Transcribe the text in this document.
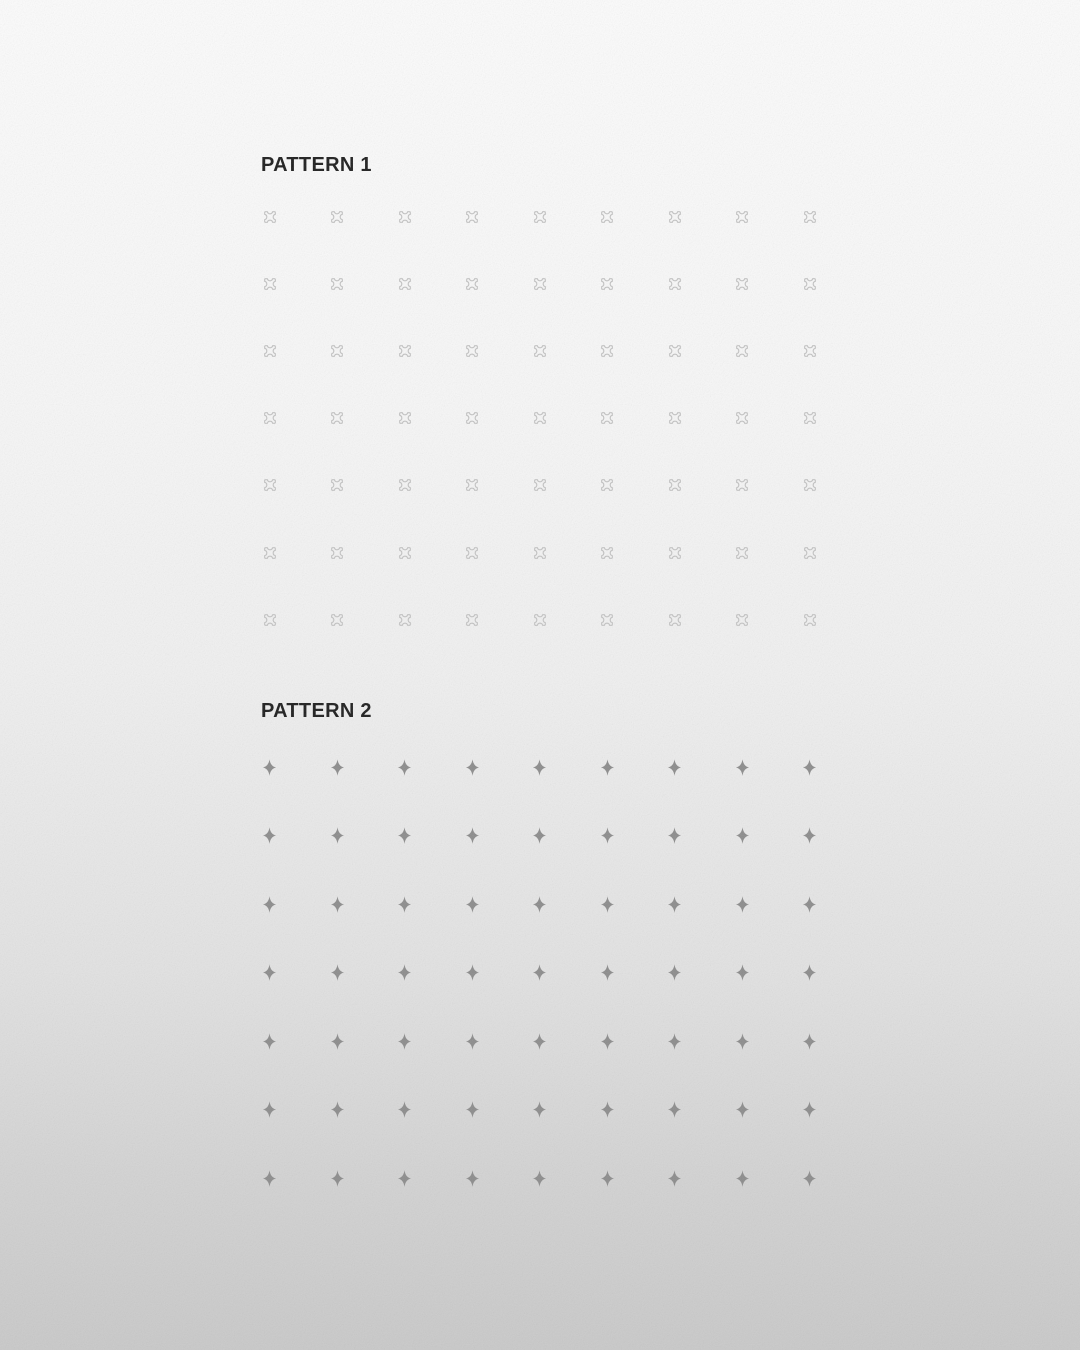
PATTERN 1
PATTERN 2
